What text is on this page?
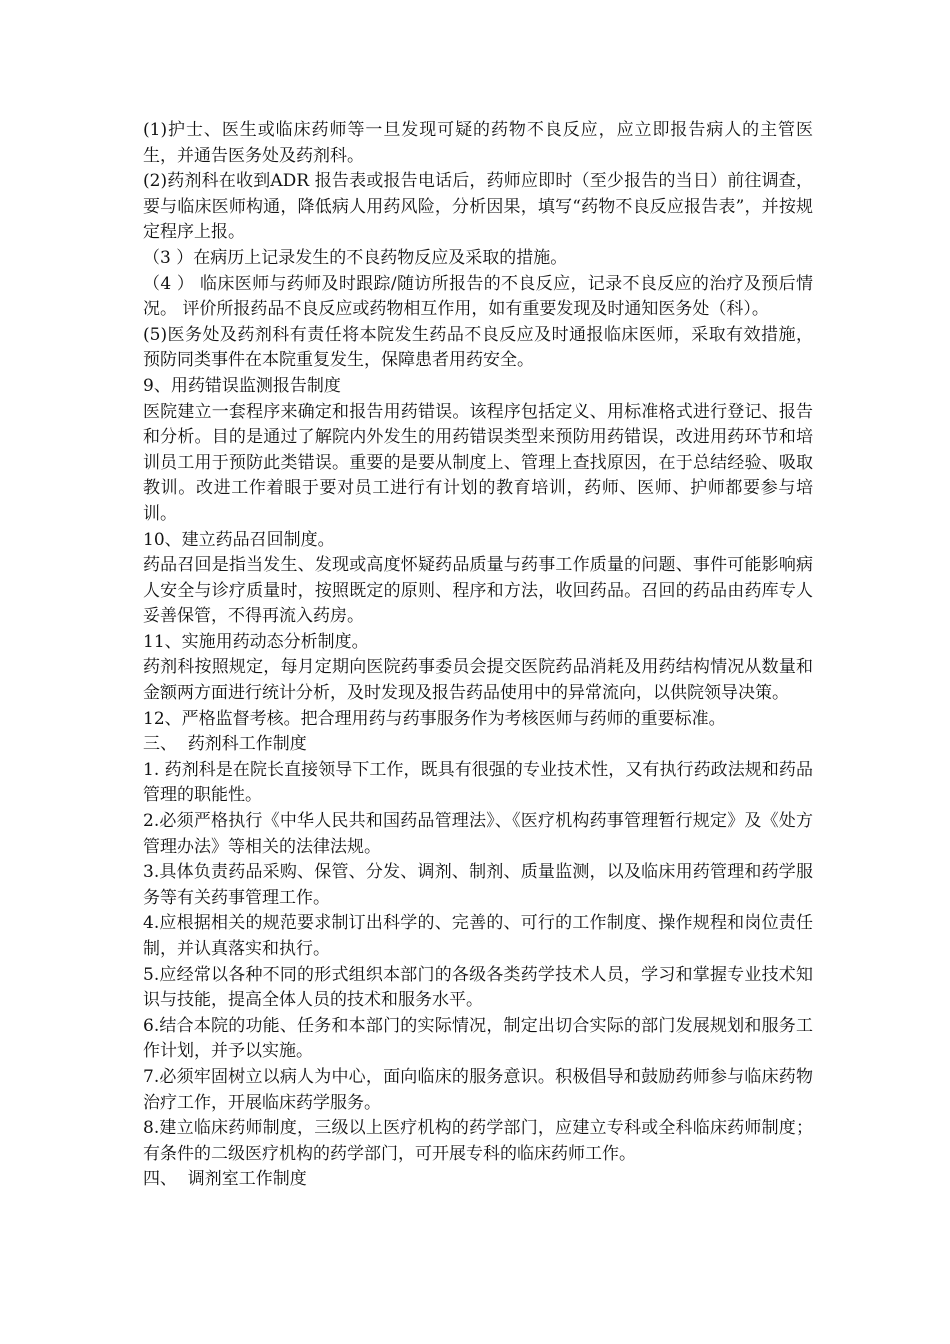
(1)护士、医生或临床药师等一旦发现可疑的药物不良反应，应立即报告病人的主管医生，并通告医务处及药剂科。

(2)药剂科在收到ADR 报告表或报告电话后，药师应即时（至少报告的当日）前往调查，要与临床医师构通，降低病人用药风险，分析因果，填写“药物不良反应报告表”，并按规定程序上报。

（3 ）在病历上记录发生的不良药物反应及采取的措施。

（4 ） 临床医师与药师及时跟踪/随访所报告的不良反应，记录不良反应的治疗及预后情况。 评价所报药品不良反应或药物相互作用，如有重要发现及时通知医务处（科）。

(5)医务处及药剂科有责任将本院发生药品不良反应及时通报临床医师，采取有效措施，预防同类事件在本院重复发生，保障患者用药安全。

9、用药错误监测报告制度

医院建立一套程序来确定和报告用药错误。该程序包括定义、用标准格式进行登记、报告和分析。目的是通过了解院内外发生的用药错误类型来预防用药错误，改进用药环节和培训员工用于预防此类错误。重要的是要从制度上、管理上查找原因，在于总结经验、吸取教训。改进工作着眼于要对员工进行有计划的教育培训，药师、医师、护师都要参与培训。

10、建立药品召回制度。

药品召回是指当发生、发现或高度怀疑药品质量与药事工作质量的问题、事件可能影响病人安全与诊疗质量时，按照既定的原则、程序和方法，收回药品。召回的药品由药库专人妥善保管，不得再流入药房。

11、实施用药动态分析制度。

药剂科按照规定，每月定期向医院药事委员会提交医院药品消耗及用药结构情况从数量和金额两方面进行统计分析，及时发现及报告药品使用中的异常流向，以供院领导决策。

12、严格监督考核。把合理用药与药事服务作为考核医师与药师的重要标准。

三、  药剂科工作制度

1. 药剂科是在院长直接领导下工作，既具有很强的专业技术性，又有执行药政法规和药品管理的职能性。

2.必须严格执行《中华人民共和国药品管理法》、《医疗机构药事管理暂行规定》及《处方管理办法》等相关的法律法规。

3.具体负责药品采购、保管、分发、调剂、制剂、质量监测，以及临床用药管理和药学服务等有关药事管理工作。

4.应根据相关的规范要求制订出科学的、完善的、可行的工作制度、操作规程和岗位责任制，并认真落实和执行。

5.应经常以各种不同的形式组织本部门的各级各类药学技术人员，学习和掌握专业技术知识与技能，提高全体人员的技术和服务水平。

6.结合本院的功能、任务和本部门的实际情况，制定出切合实际的部门发展规划和服务工作计划，并予以实施。

7.必须牢固树立以病人为中心，面向临床的服务意识。积极倡导和鼓励药师参与临床药物治疗工作，开展临床药学服务。

8.建立临床药师制度，三级以上医疗机构的药学部门，应建立专科或全科临床药师制度；有条件的二级医疗机构的药学部门，可开展专科的临床药师工作。

四、  调剂室工作制度
